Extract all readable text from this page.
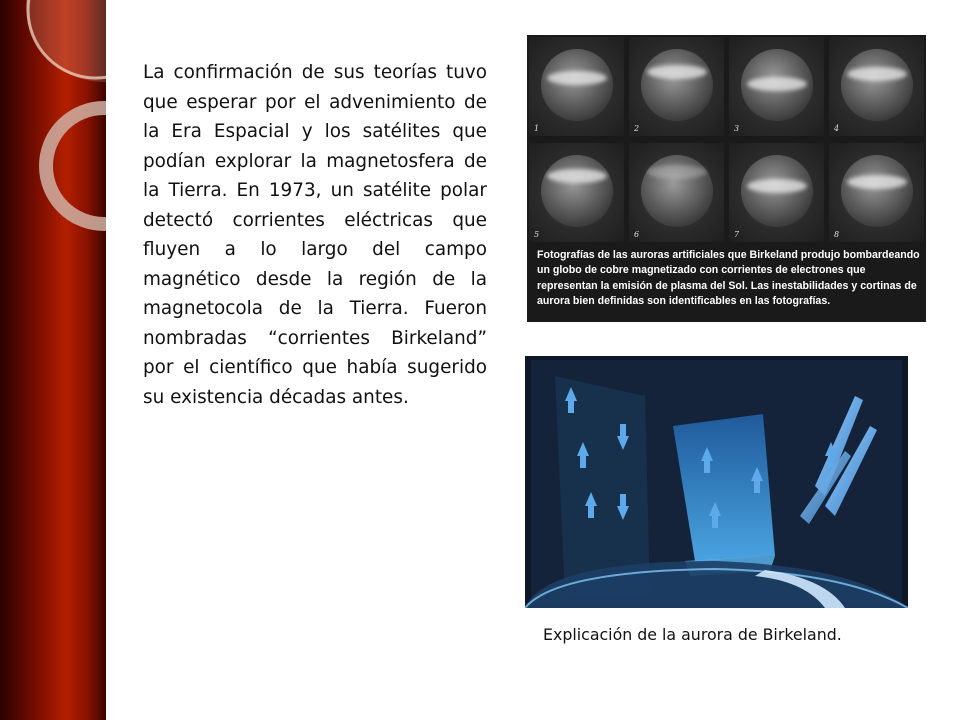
La confirmación de sus teorías tuvo que esperar por el advenimiento de la Era Espacial y los satélites que podían explorar la magnetosfera de la Tierra. En 1973, un satélite polar detectó corrientes eléctricas que fluyen a lo largo del campo magnético desde la región de la magnetocola de la Tierra. Fueron nombradas “corrientes Birkeland” por el científico que había sugerido su existencia décadas antes.

1	2	3	4
5	6	7	8

Fotografías de las auroras artificiales que Birkeland produjo bombardeando un globo de cobre magnetizado con corrientes de electrones que representan la emisión de plasma del Sol. Las inestabilidades y cortinas de aurora bien definidas son identificables en las fotografías.

Explicación de la aurora de Birkeland.
